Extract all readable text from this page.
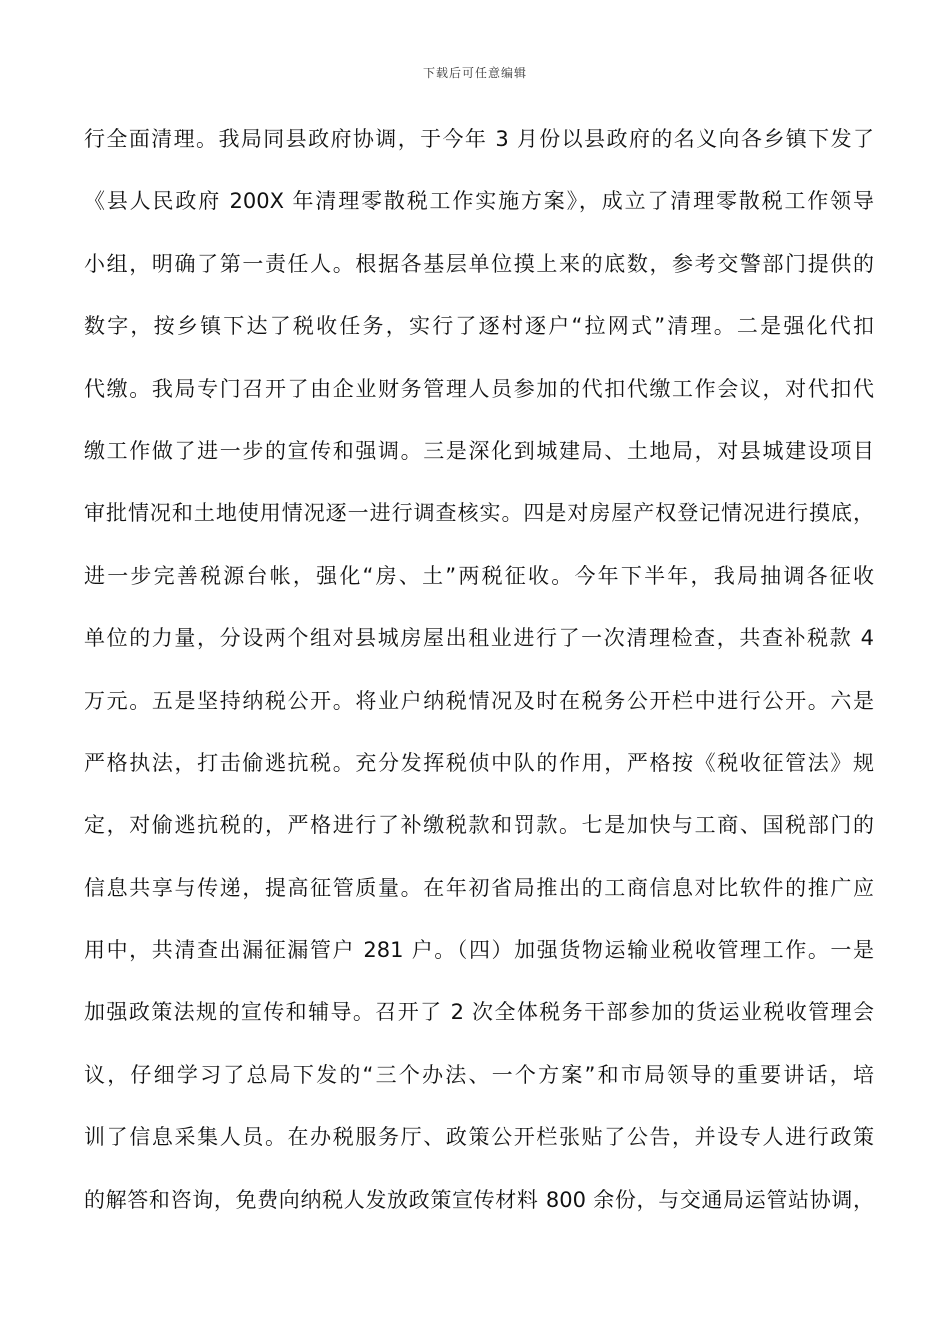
下载后可任意编辑
行全面清理。我局同县政府协调，于今年 3 月份以县政府的名义向各乡镇下发了
《县人民政府 200X 年清理零散税工作实施方案》，成立了清理零散税工作领导
小组，明确了第一责任人。根据各基层单位摸上来的底数，参考交警部门提供的
数字，按乡镇下达了税收任务，实行了逐村逐户“拉网式”清理。二是强化代扣
代缴。我局专门召开了由企业财务管理人员参加的代扣代缴工作会议，对代扣代
缴工作做了进一步的宣传和强调。三是深化到城建局、土地局，对县城建设项目
审批情况和土地使用情况逐一进行调查核实。四是对房屋产权登记情况进行摸底，
进一步完善税源台帐，强化“房、土”两税征收。今年下半年，我局抽调各征收
单位的力量，分设两个组对县城房屋出租业进行了一次清理检查，共查补税款 4
万元。五是坚持纳税公开。将业户纳税情况及时在税务公开栏中进行公开。六是
严格执法，打击偷逃抗税。充分发挥税侦中队的作用，严格按《税收征管法》规
定，对偷逃抗税的，严格进行了补缴税款和罚款。七是加快与工商、国税部门的
信息共享与传递，提高征管质量。在年初省局推出的工商信息对比软件的推广应
用中，共清查出漏征漏管户 281 户。（四）加强货物运输业税收管理工作。一是
加强政策法规的宣传和辅导。召开了 2 次全体税务干部参加的货运业税收管理会
议，仔细学习了总局下发的“三个办法、一个方案”和市局领导的重要讲话，培
训了信息采集人员。在办税服务厅、政策公开栏张贴了公告，并设专人进行政策
的解答和咨询，免费向纳税人发放政策宣传材料 800 余份，与交通局运管站协调，
